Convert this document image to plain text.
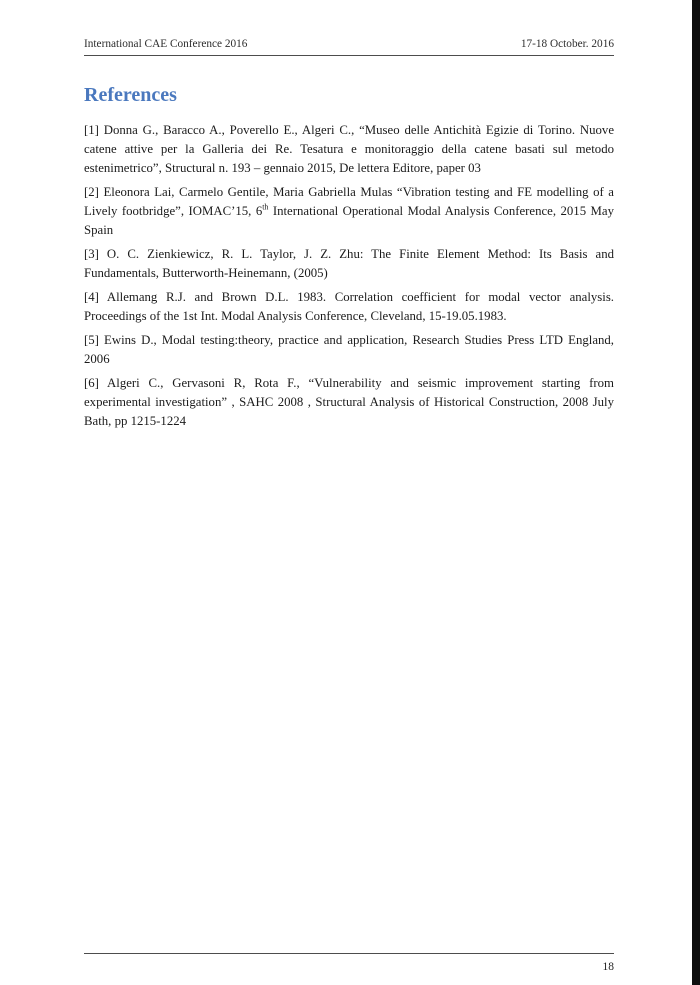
International CAE Conference 2016	17-18 October. 2016
References

[1] Donna G., Baracco A., Poverello E., Algeri C., “Museo delle Antichità Egizie di Torino. Nuove catene attive per la Galleria dei Re. Tesatura e monitoraggio della catene basati sul metodo estenimetrico”, Structural n. 193 – gennaio 2015, De lettera Editore, paper 03

[2] Eleonora Lai, Carmelo Gentile, Maria Gabriella Mulas “Vibration testing and FE modelling of a Lively footbridge”, IOMAC’15, 6th International Operational Modal Analysis Conference, 2015 May Spain

[3] O. C. Zienkiewicz, R. L. Taylor, J. Z. Zhu: The Finite Element Method: Its Basis and Fundamentals, Butterworth-Heinemann, (2005)

[4] Allemang R.J. and Brown D.L. 1983. Correlation coefficient for modal vector analysis. Proceedings of the 1st Int. Modal Analysis Conference, Cleveland, 15-19.05.1983.

[5] Ewins D., Modal testing:theory, practice and application, Research Studies Press LTD England, 2006

[6] Algeri C., Gervasoni R, Rota F., “Vulnerability and seismic improvement starting from experimental investigation” , SAHC 2008 , Structural Analysis of Historical Construction, 2008 July Bath, pp 1215-1224

18
